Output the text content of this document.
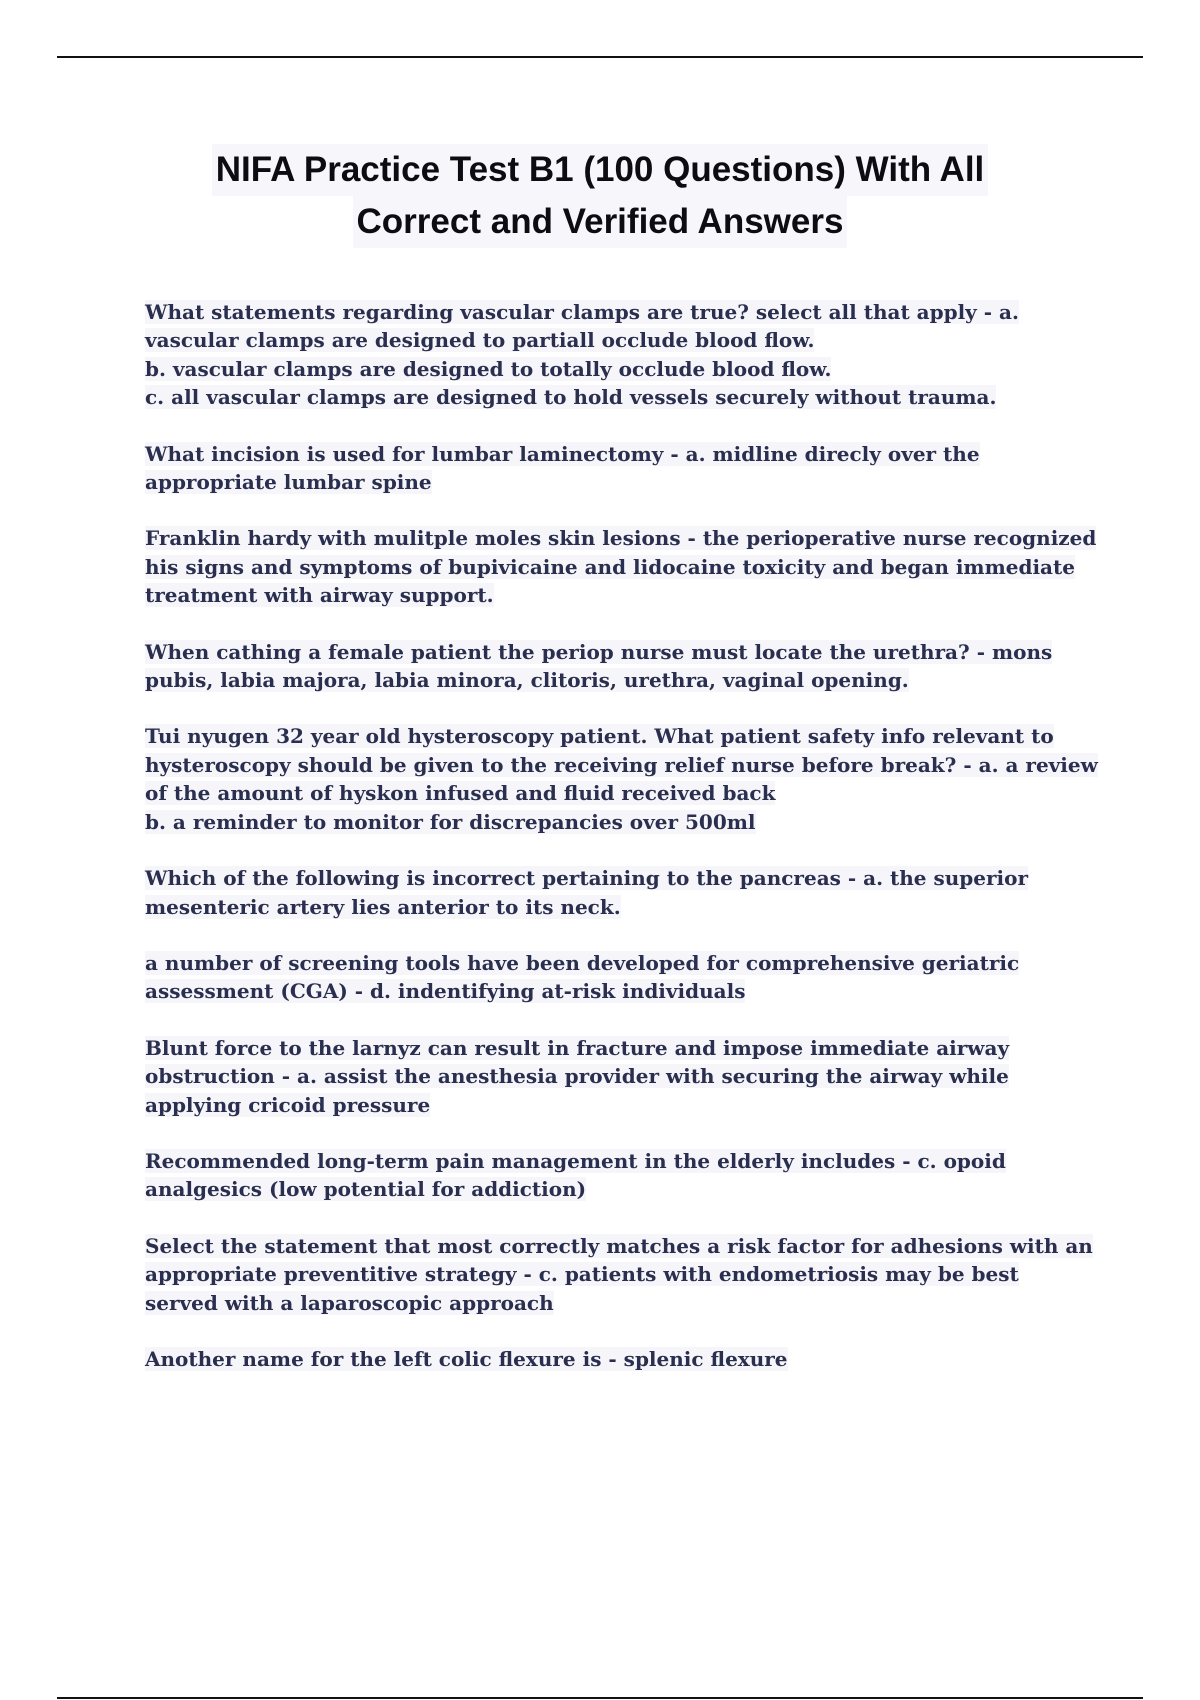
NIFA Practice Test B1 (100 Questions) With All
Correct and Verified Answers
What statements regarding vascular clamps are true? select all that apply - a.
vascular clamps are designed to partiall occlude blood flow.
b. vascular clamps are designed to totally occlude blood flow.
c. all vascular clamps are designed to hold vessels securely without trauma.
What incision is used for lumbar laminectomy - a. midline direcly over the
appropriate lumbar spine
Franklin hardy with mulitple moles skin lesions - the perioperative nurse recognized
his signs and symptoms of bupivicaine and lidocaine toxicity and began immediate
treatment with airway support.
When cathing a female patient the periop nurse must locate the urethra? - mons
pubis, labia majora, labia minora, clitoris, urethra, vaginal opening.
Tui nyugen 32 year old hysteroscopy patient. What patient safety info relevant to
hysteroscopy should be given to the receiving relief nurse before break? - a. a review
of the amount of hyskon infused and fluid received back
b. a reminder to monitor for discrepancies over 500ml
Which of the following is incorrect pertaining to the pancreas - a. the superior
mesenteric artery lies anterior to its neck.
a number of screening tools have been developed for comprehensive geriatric
assessment (CGA) - d. indentifying at-risk individuals
Blunt force to the larnyz can result in fracture and impose immediate airway
obstruction - a. assist the anesthesia provider with securing the airway while
applying cricoid pressure
Recommended long-term pain management in the elderly includes - c. opoid
analgesics (low potential for addiction)
Select the statement that most correctly matches a risk factor for adhesions with an
appropriate preventitive strategy - c. patients with endometriosis may be best
served with a laparoscopic approach
Another name for the left colic flexure is - splenic flexure
